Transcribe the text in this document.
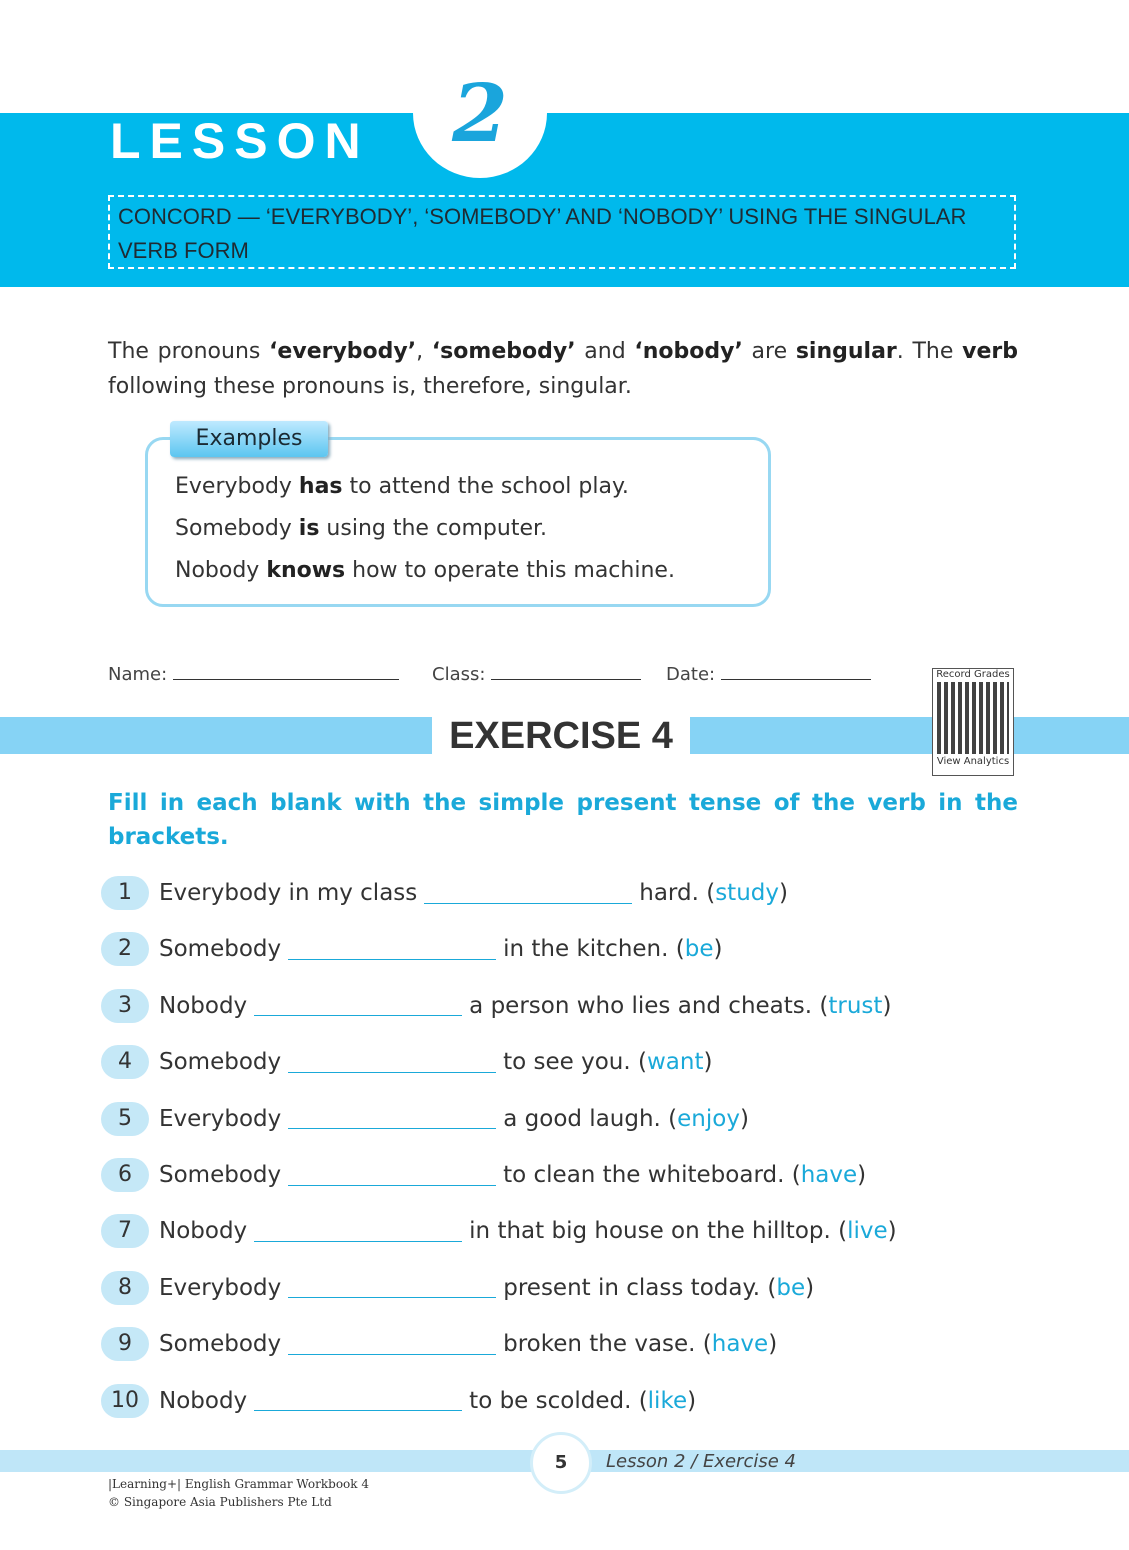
LESSON	2
CONCORD — ‘EVERYBODY’, ‘SOMEBODY’ AND ‘NOBODY’ USING THE SINGULAR VERB FORM
The pronouns ‘everybody’, ‘somebody’ and ‘nobody’ are singular. The verb following these pronouns is, therefore, singular.
Examples
Everybody has to attend the school play.
Somebody is using the computer.
Nobody knows how to operate this machine.
Name:	Class:	Date:
EXERCISE 4
Record Grades
View Analytics
Fill in each blank with the simple present tense of the verb in the brackets.
1	Everybody in my class	hard. ( study )
2	Somebody	in the kitchen. ( be )
3	Nobody	a person who lies and cheats. ( trust )
4	Somebody	to see you. ( want )
5	Everybody	a good laugh. ( enjoy )
6	Somebody	to clean the whiteboard. ( have )
7	Nobody	in that big house on the hilltop. ( live )
8	Everybody	present in class today. ( be )
9	Somebody	broken the vase. ( have )
10 Nobody	to be scolded. ( like )
5	Lesson 2 / Exercise 4
|Learning+| English Grammar Workbook 4
© Singapore Asia Publishers Pte Ltd
